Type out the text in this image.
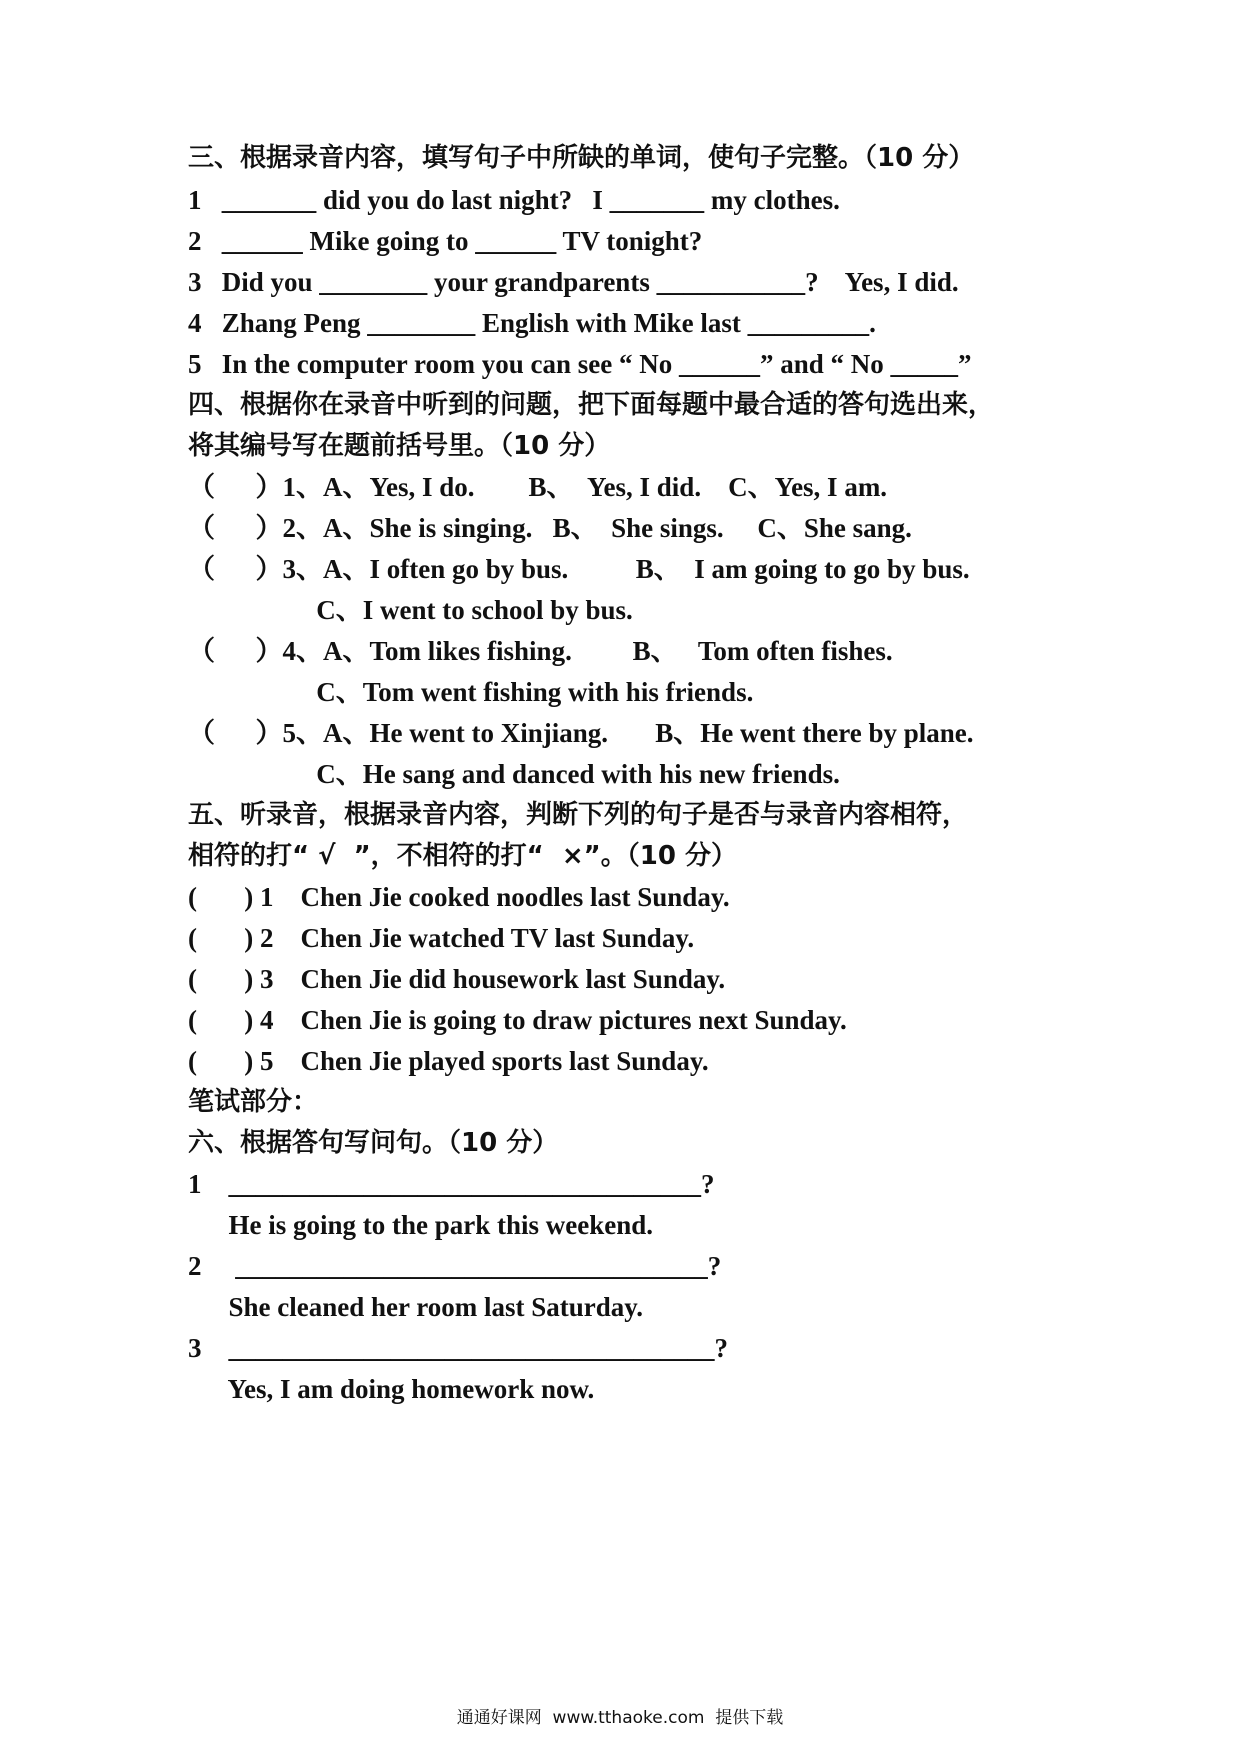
三、根据录音内容，填写句子中所缺的单词，使句子完整。（10 分）
1   _______ did you do last night?   I _______ my clothes.
2   ______ Mike going to ______ TV tonight?
3   Did you ________ your grandparents ___________?    Yes, I did.
4   Zhang Peng ________ English with Mike last _________.
5   In the computer room you can see “ No ______” and “ No _____”
四、根据你在录音中听到的问题，把下面每题中最合适的答句选出来，
将其编号写在题前括号里。（10 分）
（      ）1、A、Yes, I do.        B、  Yes, I did.    C、Yes, I am.
（      ）2、A、She is singing.   B、  She sings.     C、She sang.
（      ）3、A、I often go by bus.          B、  I am going to go by bus.
C、I went to school by bus.
（      ）4、A、Tom likes fishing.         B、   Tom often fishes.
C、Tom went fishing with his friends.
（      ）5、A、He went to Xinjiang.       B、He went there by plane.
C、He sang and danced with his new friends.
五、听录音，根据录音内容，判断下列的句子是否与录音内容相符，
相符的打“ √  ”，不相符的打“  ×”。（10 分）
(       ) 1    Chen Jie cooked noodles last Sunday.
(       ) 2    Chen Jie watched TV last Sunday.
(       ) 3    Chen Jie did housework last Sunday.
(       ) 4    Chen Jie is going to draw pictures next Sunday.
(       ) 5    Chen Jie played sports last Sunday.
笔试部分：
六、根据答句写问句。（10 分）
1    ___________________________________?
He is going to the park this weekend.
2     ___________________________________?
She cleaned her room last Saturday.
3    ____________________________________?
Yes, I am doing homework now.
通通好课网  www.tthaoke.com  提供下载
